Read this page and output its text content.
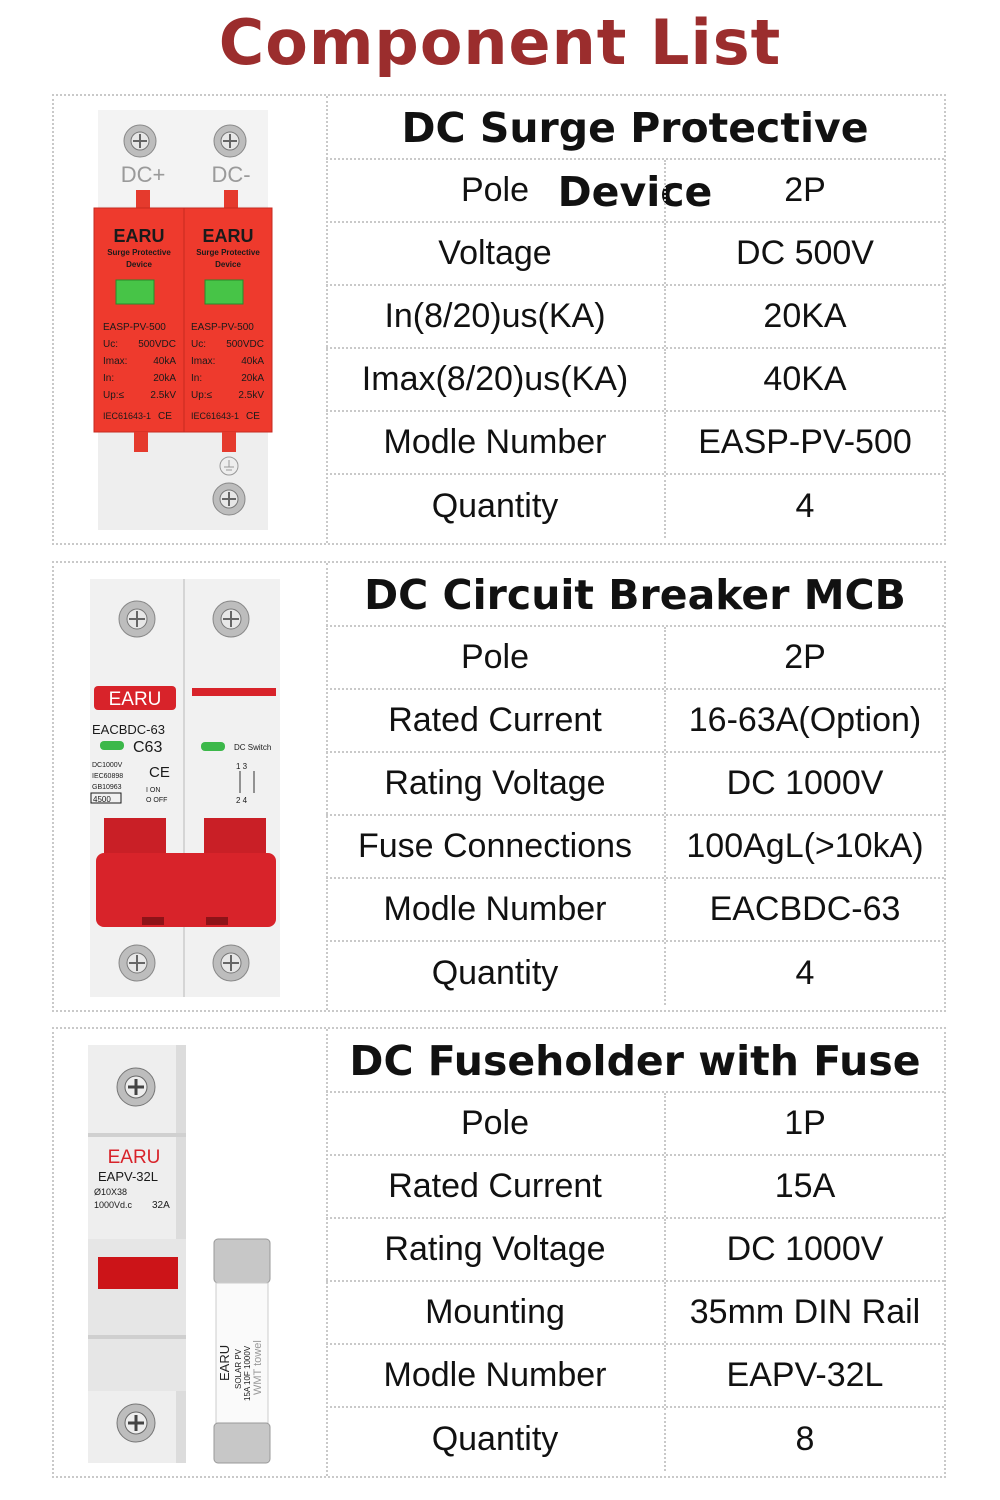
Component List
DC+ DC-
EARU EARU
Surge Protective	Surge Protective
Device	Device
EASP-PV-500	EASP-PV-500
Uc: 500VDC Uc: 500VDC
Imax:	40kA Imax:	40kA
In:	20kA In:	20kA
Up:≤	2.5kV Up:≤	2.5kV
IEC61643-1 CE IEC61643-1 CE
DC Surge Protective Device
Pole	2P
Voltage	DC 500V
In(8/20)us(KA)	20KA
Imax(8/20)us(KA)	40KA
Modle Number	EASP-PV-500
Quantity	4
EARU
EACBDC-63
C63
DC1000V
IEC60898
GB10963
CE
4500
I ON
O OFF
DC Switch
1 3
2 4
DC Circuit Breaker MCB
Pole	2P
Rated Current	16-63A(Option)
Rating Voltage	DC 1000V
Fuse Connections	100AgL(>10kA)
Modle Number	EACBDC-63
Quantity	4
EARU
EAPV-32L
Ø10X38
1000Vd.c 32A
EARU SOLAR PV 15A 10F 1000V WMT towel
DC Fuseholder with Fuse
Pole	1P
Rated Current	15A
Rating Voltage	DC 1000V
Mounting	35mm DIN Rail
Modle Number	EAPV-32L
Quantity	8
